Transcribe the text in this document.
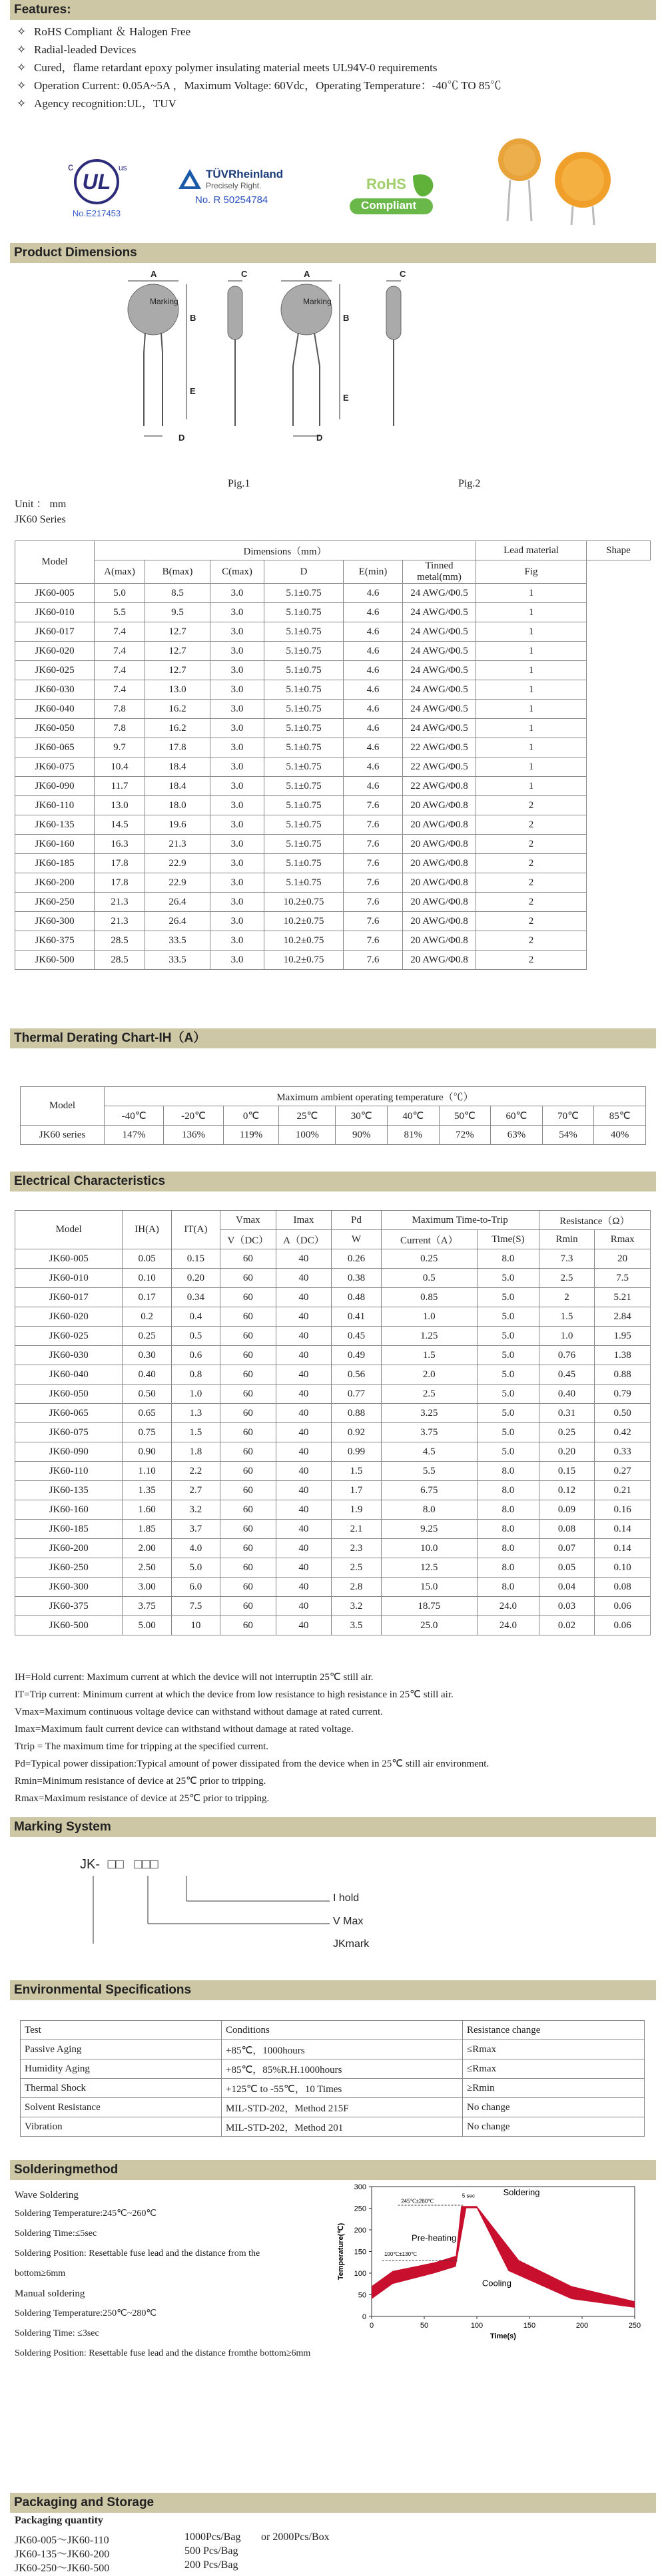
Features:
✧ RoHS Compliant ＆ Halogen Free
✧ Radial-leaded Devices
✧ Cured，flame retardant epoxy polymer insulating material meets UL94V-0 requirements
✧ Operation Current: 0.05A~5A ，Maximum Voltage: 60Vdc，Operating Temperature：-40℃ TO 85℃
✧ Agency recognition:UL，TUV
UL
c	us
No.E217453
TÜVRheinland
Precisely Right.
No. R 50254784
RoHS
Compliant
Product Dimensions
Marking	Marking
A
B
E
D
C	A
B
E
D
C
Pig.1	Pig.2
Unit ： mm
JK60 Series
Model	Dimensions（mm）						Lead material	Shape
	A(max)	B(max)	C(max)	D	E(min)	Tinned metal(mm)	Fig	
JK60-005	5.0	8.5	3.0	5.1±0.75	4.6	24 AWG/Φ0.5	1	
JK60-010	5.5	9.5	3.0	5.1±0.75	4.6	24 AWG/Φ0.5	1	
JK60-017	7.4	12.7	3.0	5.1±0.75	4.6	24 AWG/Φ0.5	1	
JK60-020	7.4	12.7	3.0	5.1±0.75	4.6	24 AWG/Φ0.5	1	
JK60-025	7.4	12.7	3.0	5.1±0.75	4.6	24 AWG/Φ0.5	1	
JK60-030	7.4	13.0	3.0	5.1±0.75	4.6	24 AWG/Φ0.5	1	
JK60-040	7.8	16.2	3.0	5.1±0.75	4.6	24 AWG/Φ0.5	1	
JK60-050	7.8	16.2	3.0	5.1±0.75	4.6	24 AWG/Φ0.5	1	
JK60-065	9.7	17.8	3.0	5.1±0.75	4.6	22 AWG/Φ0.5	1	
JK60-075	10.4	18.4	3.0	5.1±0.75	4.6	22 AWG/Φ0.5	1	
JK60-090	11.7	18.4	3.0	5.1±0.75	4.6	22 AWG/Φ0.8	1	
JK60-110	13.0	18.0	3.0	5.1±0.75	7.6	20 AWG/Φ0.8	2	
JK60-135	14.5	19.6	3.0	5.1±0.75	7.6	20 AWG/Φ0.8	2	
JK60-160	16.3	21.3	3.0	5.1±0.75	7.6	20 AWG/Φ0.8	2	
JK60-185	17.8	22.9	3.0	5.1±0.75	7.6	20 AWG/Φ0.8	2	
JK60-200	17.8	22.9	3.0	5.1±0.75	7.6	20 AWG/Φ0.8	2	
JK60-250	21.3	26.4	3.0	10.2±0.75	7.6	20 AWG/Φ0.8	2	
JK60-300	21.3	26.4	3.0	10.2±0.75	7.6	20 AWG/Φ0.8	2	
JK60-375	28.5	33.5	3.0	10.2±0.75	7.6	20 AWG/Φ0.8	2	
JK60-500	28.5	33.5	3.0	10.2±0.75	7.6	20 AWG/Φ0.8	2	
Thermal Derating Chart-IH（A）
Model	Maximum ambient operating temperature（℃）									
	-40℃	-20℃	0℃	25℃	30℃	40℃	50℃	60℃	70℃	85℃
JK60 series	147%	136%	119%	100%	90%	81%	72%	63%	54%	40%
Electrical Characteristics
Model	IH(A)	IT(A)	Vmax	Imax	Pd	Maximum Time-to-Trip		Resistance（Ω）	
			V（DC）	A（DC）	W	Current（A）	Time(S)	Rmin	Rmax
JK60-005	0.05	0.15	60	40	0.26	0.25	8.0	7.3	20
JK60-010	0.10	0.20	60	40	0.38	0.5	5.0	2.5	7.5
JK60-017	0.17	0.34	60	40	0.48	0.85	5.0	2	5.21
JK60-020	0.2	0.4	60	40	0.41	1.0	5.0	1.5	2.84
JK60-025	0.25	0.5	60	40	0.45	1.25	5.0	1.0	1.95
JK60-030	0.30	0.6	60	40	0.49	1.5	5.0	0.76	1.38
JK60-040	0.40	0.8	60	40	0.56	2.0	5.0	0.45	0.88
JK60-050	0.50	1.0	60	40	0.77	2.5	5.0	0.40	0.79
JK60-065	0.65	1.3	60	40	0.88	3.25	5.0	0.31	0.50
JK60-075	0.75	1.5	60	40	0.92	3.75	5.0	0.25	0.42
JK60-090	0.90	1.8	60	40	0.99	4.5	5.0	0.20	0.33
JK60-110	1.10	2.2	60	40	1.5	5.5	8.0	0.15	0.27
JK60-135	1.35	2.7	60	40	1.7	6.75	8.0	0.12	0.21
JK60-160	1.60	3.2	60	40	1.9	8.0	8.0	0.09	0.16
JK60-185	1.85	3.7	60	40	2.1	9.25	8.0	0.08	0.14
JK60-200	2.00	4.0	60	40	2.3	10.0	8.0	0.07	0.14
JK60-250	2.50	5.0	60	40	2.5	12.5	8.0	0.05	0.10
JK60-300	3.00	6.0	60	40	2.8	15.0	8.0	0.04	0.08
JK60-375	3.75	7.5	60	40	3.2	18.75	24.0	0.03	0.06
JK60-500	5.00	10	60	40	3.5	25.0	24.0	0.02	0.06
IH=Hold current: Maximum current at which the device will not interruptin 25℃ still air.
IT=Trip current: Minimum current at which the device from low resistance to high resistance in 25℃ still air.
Vmax=Maximum continuous voltage device can withstand without damage at rated current.
Imax=Maximum fault current device can withstand without damage at rated voltage.
Ttrip = The maximum time for tripping at the specified current.
Pd=Typical power dissipation:Typical amount of power dissipated from the device when in 25℃ still air environment.
Rmin=Minimum resistance of device at 25℃ prior to tripping.
Rmax=Maximum resistance of device at 25℃ prior to tripping.
Marking System
JK- □□ □□□
I hold
V Max
JKmark
Environmental Specifications
Test	Conditions	Resistance change
Passive Aging	+85℃，1000hours	≤Rmax
Humidity Aging	+85℃，85%R.H.1000hours	≤Rmax
Thermal Shock	+125℃ to -55℃，10 Times	≥Rmin
Solvent Resistance	MIL-STD-202，Method 215F	No change
Vibration	MIL-STD-202，Method 201	No change
Solderingmethod
Wave Soldering
Soldering Temperature:245℃~260℃
Soldering Time:≤5sec
Soldering Position: Resettable fuse lead and the distance from the
bottom≥6mm
Manual soldering
Soldering Temperature:250℃~280℃
Soldering Time: ≤3sec
Soldering Position: Resettable fuse lead and the distance fromthe bottom≥6mm
0
50
100
150
200
250
300
0	50	100	150	200	250
Time(s)
Temperature(℃)
Soldering
Pre-heating
Cooling
245℃±260℃
5 sec
100℃±130℃
Packaging and Storage
Packaging quantity
JK60-005～JK60-110	1000Pcs/Bag or 2000Pcs/Box
JK60-135～JK60-200	500 Pcs/Bag
JK60-250～JK60-500	200 Pcs/Bag
